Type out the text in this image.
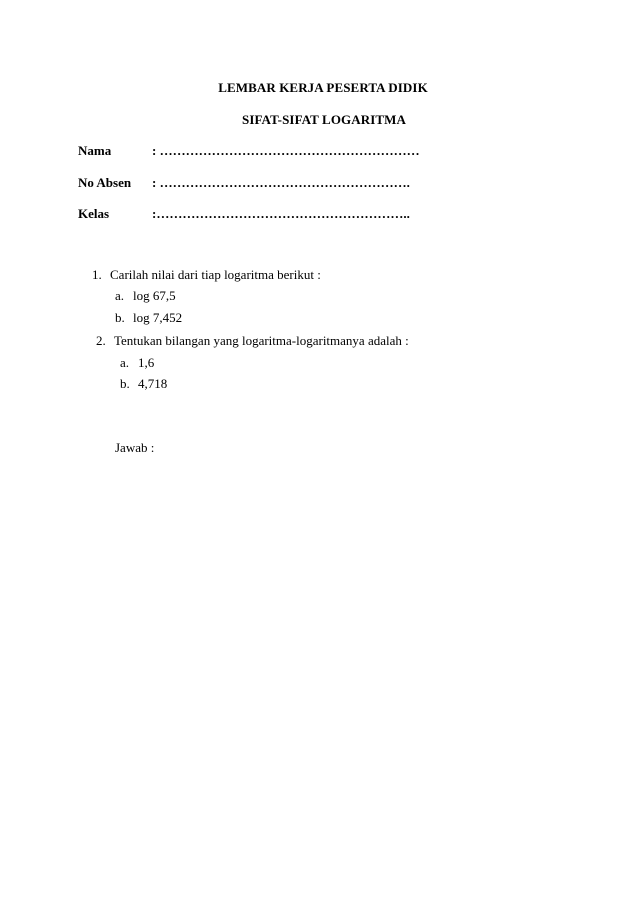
LEMBAR KERJA PESERTA DIDIK
SIFAT-SIFAT LOGARITMA
Nama	: ……………………………………………………
No Absen : ………………………………………………….
Kelas	:…………………………………………………..
1. Carilah nilai dari tiap logaritma berikut :
a. log 67,5
b. log 7,452
2. Tentukan bilangan yang logaritma-logaritmanya adalah :
a. 1,6
b. 4,718
Jawab :
